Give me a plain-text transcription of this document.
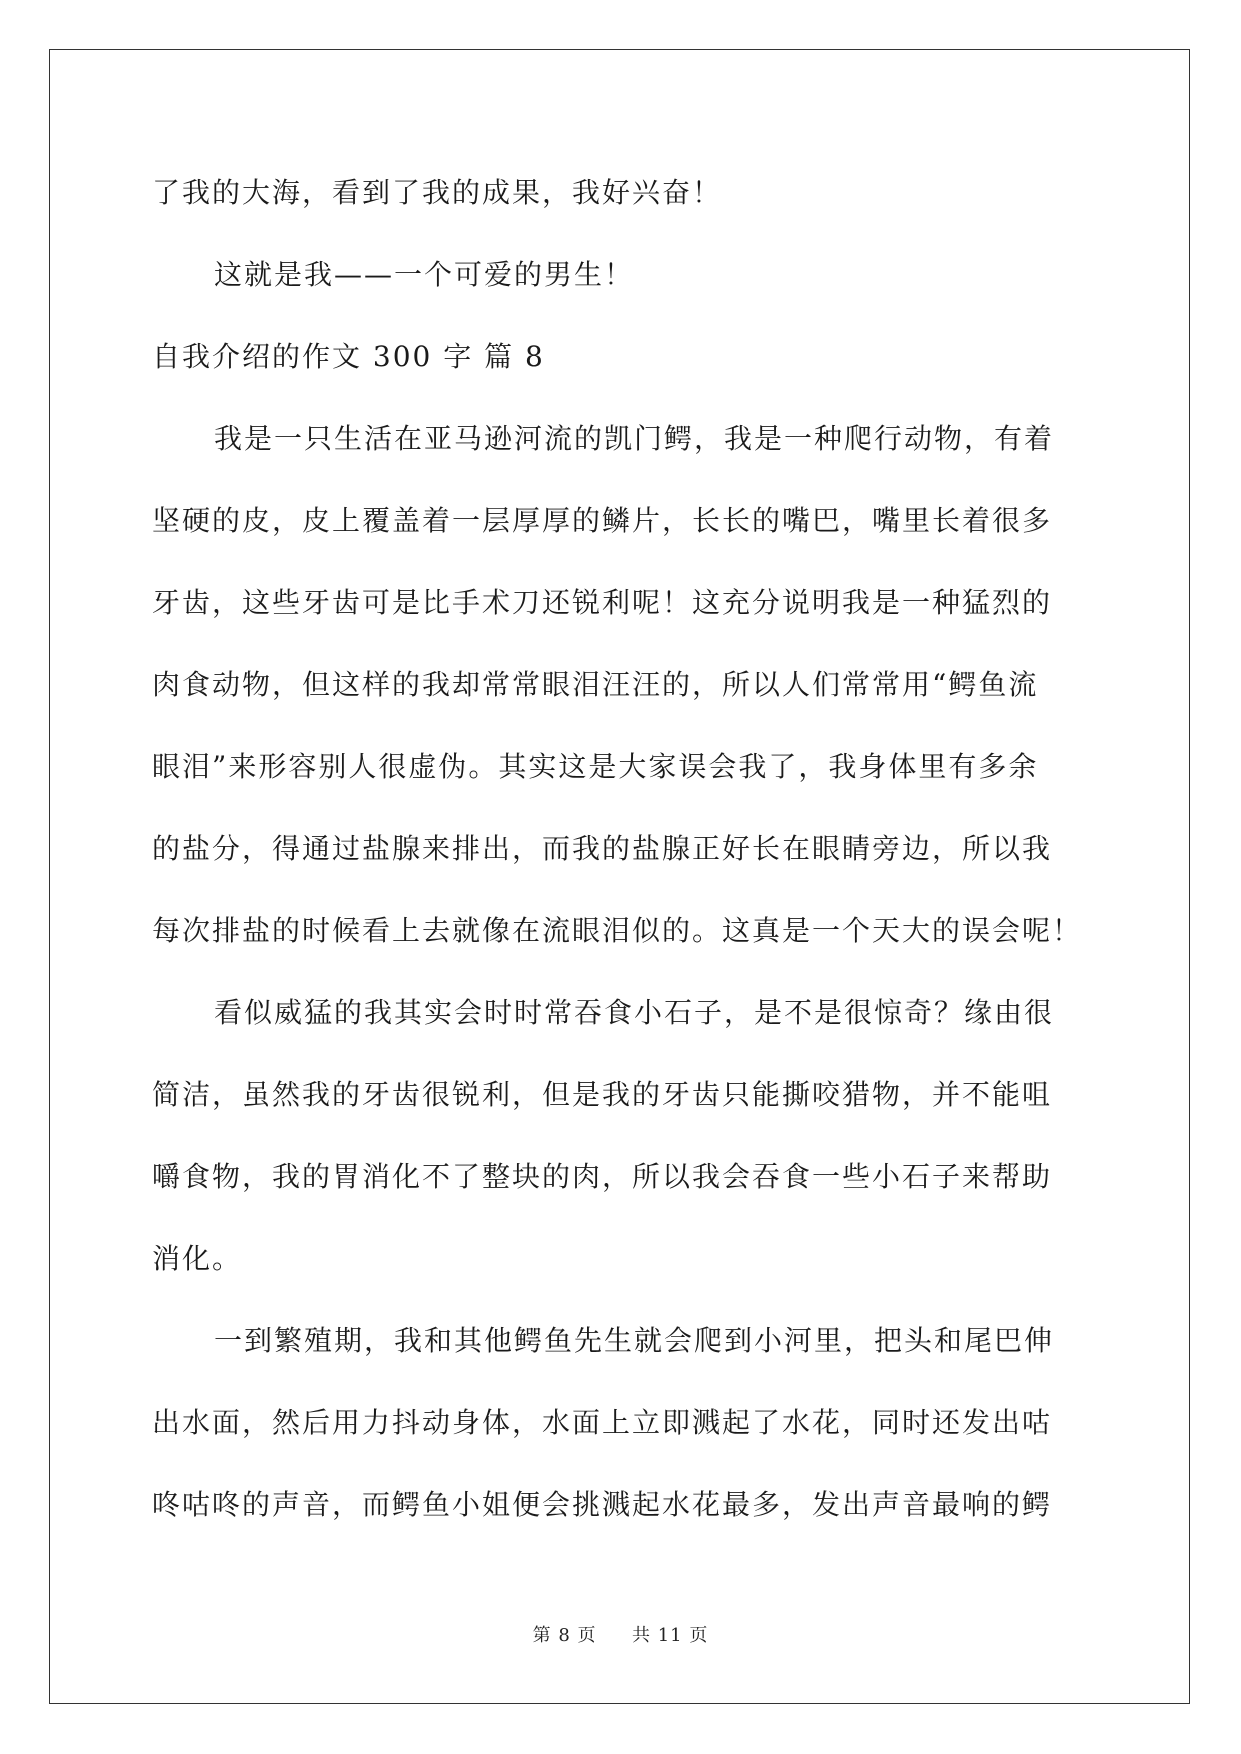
了我的大海，看到了我的成果，我好兴奋！
这就是我——一个可爱的男生！
自我介绍的作文 300 字 篇 8
我是一只生活在亚马逊河流的凯门鳄，我是一种爬行动物，有着
坚硬的皮，皮上覆盖着一层厚厚的鳞片，长长的嘴巴，嘴里长着很多
牙齿，这些牙齿可是比手术刀还锐利呢！这充分说明我是一种猛烈的
肉食动物，但这样的我却常常眼泪汪汪的，所以人们常常用“鳄鱼流
眼泪”来形容别人很虚伪。其实这是大家误会我了，我身体里有多余
的盐分，得通过盐腺来排出，而我的盐腺正好长在眼睛旁边，所以我
每次排盐的时候看上去就像在流眼泪似的。这真是一个天大的误会呢！
看似威猛的我其实会时时常吞食小石子，是不是很惊奇？缘由很
简洁，虽然我的牙齿很锐利，但是我的牙齿只能撕咬猎物，并不能咀
嚼食物，我的胃消化不了整块的肉，所以我会吞食一些小石子来帮助
消化。
一到繁殖期，我和其他鳄鱼先生就会爬到小河里，把头和尾巴伸
出水面，然后用力抖动身体，水面上立即溅起了水花，同时还发出咕
咚咕咚的声音，而鳄鱼小姐便会挑溅起水花最多，发出声音最响的鳄
第 8 页 共 11 页
